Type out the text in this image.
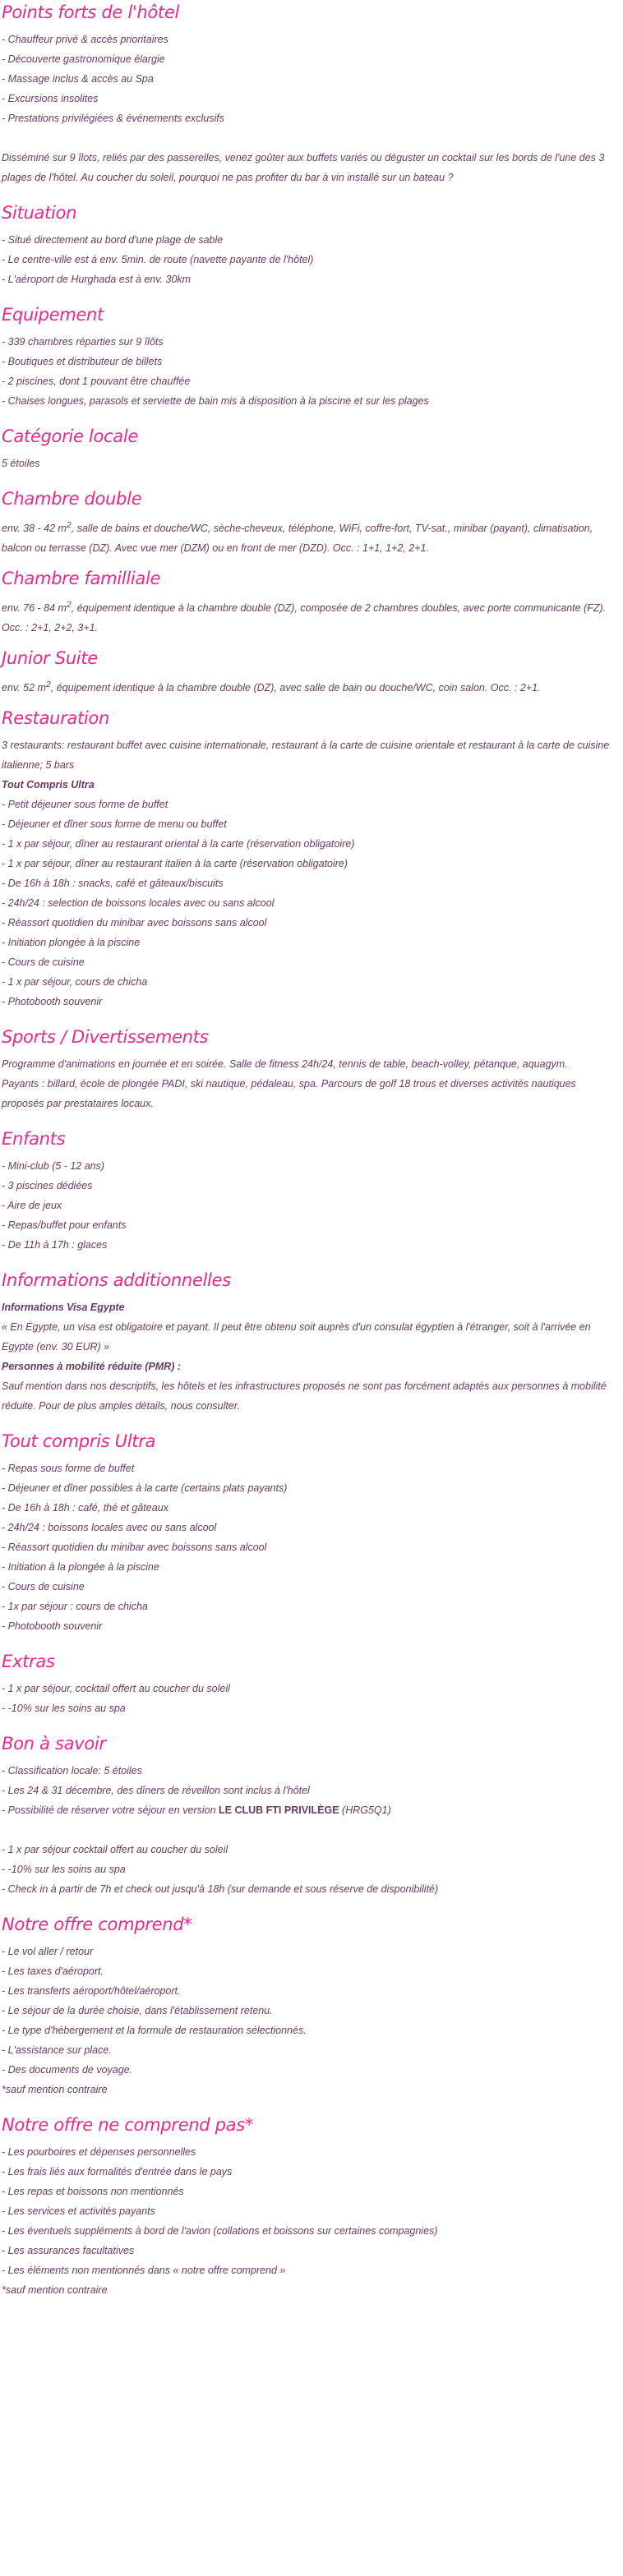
Points forts de l'hôtel

- Chauffeur privé & accès prioritaires

- Découverte gastronomique élargie

- Massage inclus & accès au Spa

- Excursions insolites

- Prestations privilégiées & événements exclusifs

Disséminé sur 9 îlots, reliés par des passerelles, venez goûter aux buffets variés ou déguster un cocktail sur les bords de l'une des 3 plages de l'hôtel. Au coucher du soleil, pourquoi ne pas profiter du bar à vin installé sur un bateau ?

Situation

- Situé directement au bord d'une plage de sable

- Le centre-ville est à env. 5min. de route (navette payante de l'hôtel)

- L'aéroport de Hurghada est à env. 30km

Equipement

- 339 chambres réparties sur 9 îlôts

- Boutiques et distributeur de billets

- 2 piscines, dont 1 pouvant être chauffée

- Chaises longues, parasols et serviette de bain mis à disposition à la piscine et sur les plages

Catégorie locale

5 étoiles

Chambre double

env. 38 - 42 $m^2$, salle de bains et douche/WC, sèche-cheveux, téléphone, WiFi, coffre-fort, TV-sat., minibar (payant), climatisation, balcon ou terrasse (DZ). Avec vue mer (DZM) ou en front de mer (DZD). Occ. : 1+1, 1+2, 2+1.

Chambre familliale

env. 76 - 84 $m^2$, équipement identique à la chambre double (DZ), composée de 2 chambres doubles, avec porte communicante (FZ). Occ. : 2+1, 2+2, 3+1.

Junior Suite

env. 52 $m^2$, équipement identique à la chambre double (DZ), avec salle de bain ou douche/WC, coin salon. Occ. : 2+1.

Restauration

3 restaurants: restaurant buffet avec cuisine internationale, restaurant à la carte de cuisine orientale et restaurant à la carte de cuisine italienne; 5 bars

Tout Compris Ultra

- Petit déjeuner sous forme de buffet

- Déjeuner et dîner sous forme de menu ou buffet

- 1 x par séjour, dîner au restaurant oriental à la carte (réservation obligatoire)

- 1 x par séjour, dîner au restaurant italien à la carte (réservation obligatoire)

- De 16h à 18h : snacks, café et gâteaux/biscuits

- 24h/24 : selection de boissons locales avec ou sans alcool

- Réassort quotidien du minibar avec boissons sans alcool

- Initiation plongée à la piscine

- Cours de cuisine

- 1 x par séjour, cours de chicha

- Photobooth souvenir

Sports / Divertissements

Programme d'animations en journée et en soirée. Salle de fitness 24h/24, tennis de table, beach-volley, pétanque, aquagym.

Payants : billard, école de plongée PADI, ski nautique, pédaleau, spa. Parcours de golf 18 trous et diverses activités nautiques proposés par prestataires locaux.

Enfants

- Mini-club (5 - 12 ans)

- 3 piscines dédiées

- Aire de jeux

- Repas/buffet pour enfants

- De 11h à 17h : glaces

Informations additionnelles

Informations Visa Egypte

« En Égypte, un visa est obligatoire et payant. Il peut être obtenu soit auprès d'un consulat égyptien à l'étranger, soit à l'arrivée en Egypte (env. 30 EUR) »

Personnes à mobilité réduite (PMR) :

Sauf mention dans nos descriptifs, les hôtels et les infrastructures proposés ne sont pas forcément adaptés aux personnes à mobilité réduite. Pour de plus amples détails, nous consulter.

Tout compris Ultra

- Repas sous forme de buffet

- Déjeuner et dîner possibles à la carte (certains plats payants)

- De 16h à 18h : café, thé et gâteaux

- 24h/24 : boissons locales avec ou sans alcool

- Réassort quotidien du minibar avec boissons sans alcool

- Initiation à la plongée à la piscine

- Cours de cuisine

- 1x par séjour : cours de chicha

- Photobooth souvenir

Extras

- 1 x par séjour, cocktail offert au coucher du soleil

- -10% sur les soins au spa

Bon à savoir

- Classification locale: 5 étoiles

- Les 24 & 31 décembre, des dîners de réveillon sont inclus à l'hôtel

- Possibilité de réserver votre séjour en version LE CLUB FTI PRIVILÈGE (HRG5Q1)

- 1 x par séjour cocktail offert au coucher du soleil

- -10% sur les soins au spa

- Check in à partir de 7h et check out jusqu'à 18h (sur demande et sous réserve de disponibilité)

Notre offre comprend*

- Le vol aller / retour

- Les taxes d'aéroport.

- Les transferts aéroport/hôtel/aéroport.

- Le séjour de la durée choisie, dans l'établissement retenu.

- Le type d'hébergement et la formule de restauration sélectionnés.

- L'assistance sur place.

- Des documents de voyage.

*sauf mention contraire

Notre offre ne comprend pas*

- Les pourboires et dépenses personnelles

- Les frais liés aux formalités d'entrée dans le pays

- Les repas et boissons non mentionnés

- Les services et activités payants

- Les éventuels suppléments à bord de l'avion (collations et boissons sur certaines compagnies)

- Les assurances facultatives

- Les éléments non mentionnés dans « notre offre comprend »

*sauf mention contraire
